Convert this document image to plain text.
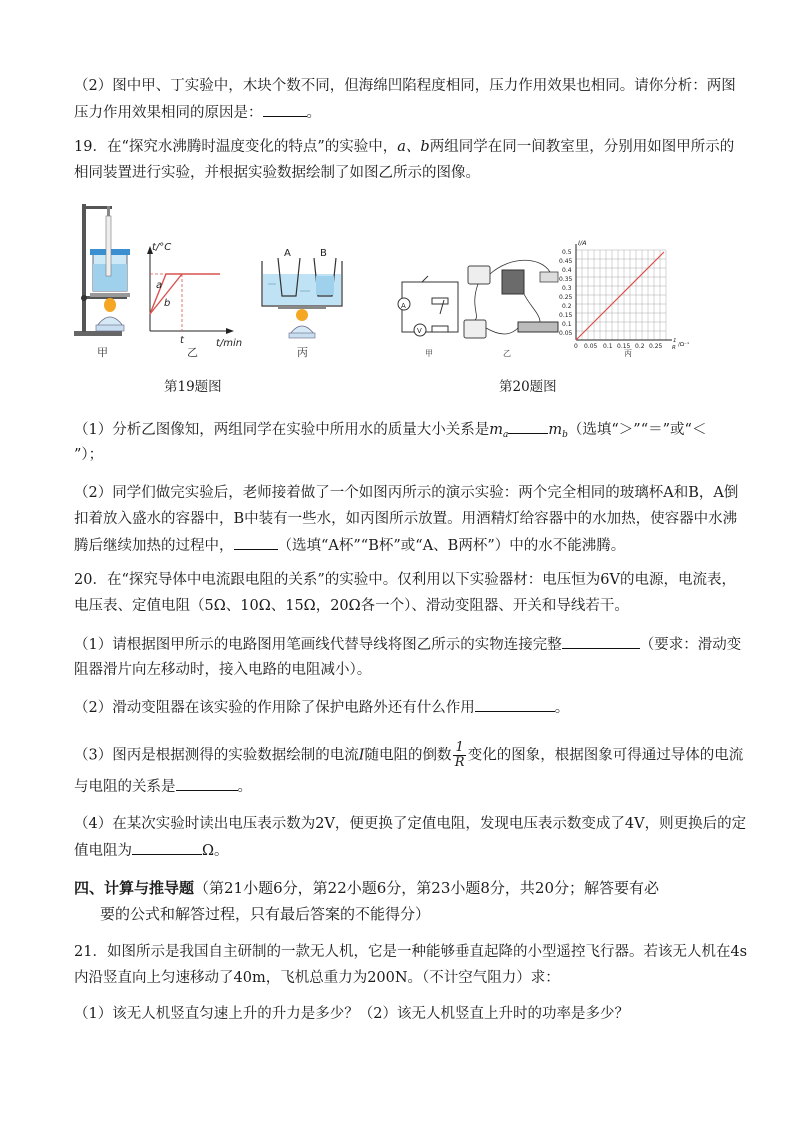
（2）图中甲、丁实验中，木块个数不同，但海绵凹陷程度相同，压力作用效果也相同。请你分析：两图
压力作用效果相同的原因是：	。
19．在“探究水沸腾时温度变化的特点”的实验中，a、b两组同学在同一间教室里，分别用如图甲所示的
相同装置进行实验，并根据实验数据绘制了如图乙所示的图像。
甲
t/°C
t/min
a
b
t
乙
A	B
丙
A
V
甲	乙
I/A
0.5
0.45
0.4
0.35
0.3
0.25
0.2
0.15
0.1
0.05
0 0.05 0.1 0.15 0.2 0.25
1
R /Ω⁻¹
丙
第19题图	第20题图
（1）分析乙图像知，两组同学在实验中所用水的质量大小关系是$m_a$	$m_b$（选填“＞”“＝”或“＜
”）；
（2）同学们做完实验后，老师接着做了一个如图丙所示的演示实验：两个完全相同的玻璃杯A和B，A倒
扣着放入盛水的容器中，B中装有一些水，如丙图所示放置。用酒精灯给容器中的水加热，使容器中水沸
腾后继续加热的过程中，	（选填“A杯”“B杯”或“A、B两杯”）中的水不能沸腾。
20．在“探究导体中电流跟电阻的关系”的实验中。仅利用以下实验器材：电压恒为6V的电源，电流表，
电压表、定值电阻（5Ω、10Ω、15Ω，20Ω各一个）、滑动变阻器、开关和导线若干。
（1）请根据图甲所示的电路图用笔画线代替导线将图乙所示的实物连接完整	（要求：滑动变
阻器滑片向左移动时，接入电路的电阻减小）。
（2）滑动变阻器在该实验的作用除了保护电路外还有什么作用	。
（3）图丙是根据测得的实验数据绘制的电流I随电阻的倒数 $\frac{1}{R}$ 变化的图象，根据图象可得通过导体的电流
与电阻的关系是	。
（4）在某次实验时读出电压表示数为2V，便更换了定值电阻，发现电压表示数变成了4V，则更换后的定
值电阻为	Ω。
四、计算与推导题（第21小题6分，第22小题6分，第23小题8分，共20分；解答要有必
要的公式和解答过程，只有最后答案的不能得分）
21．如图所示是我国自主研制的一款无人机，它是一种能够垂直起降的小型遥控飞行器。若该无人机在4s
内沿竖直向上匀速移动了40m，飞机总重力为200N。（不计空气阻力）求：
（1）该无人机竖直匀速上升的升力是多少？（2）该无人机竖直上升时的功率是多少？
